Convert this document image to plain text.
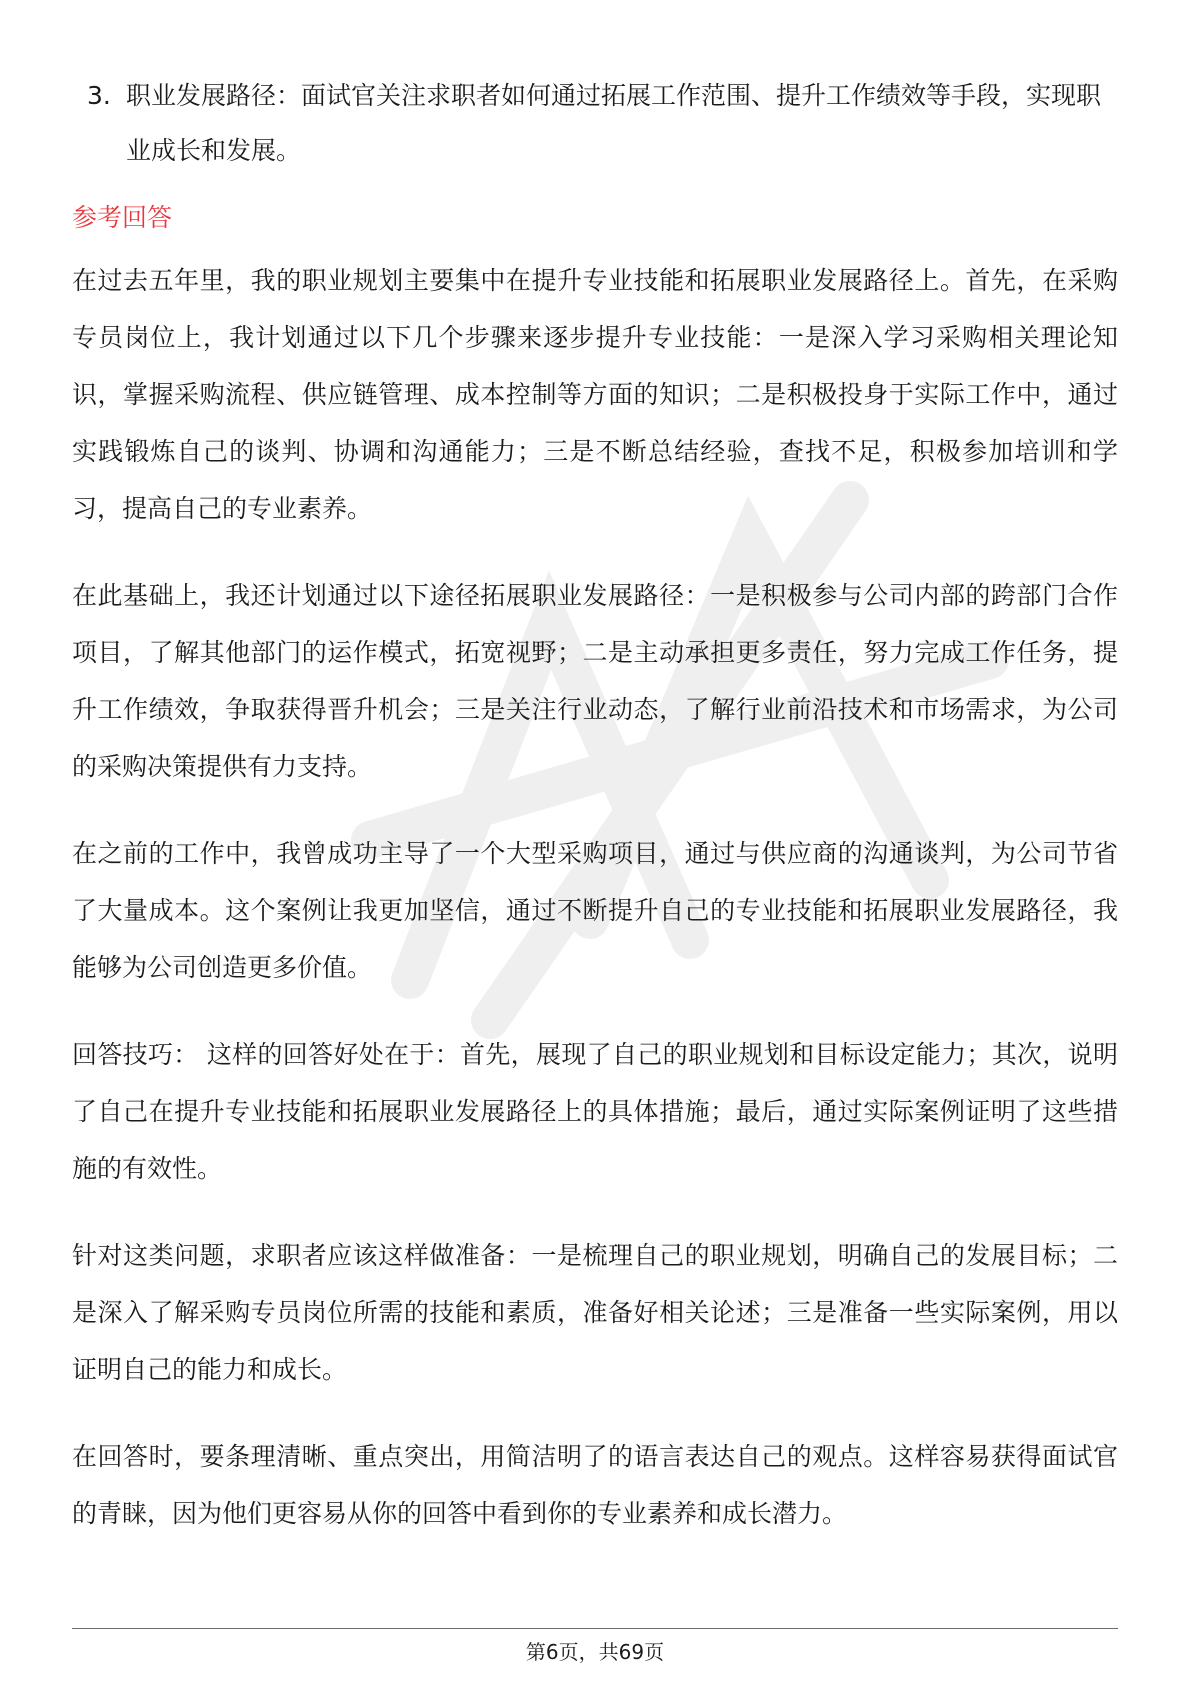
3. 职业发展路径：面试官关注求职者如何通过拓展工作范围、提升工作绩效等手段，实现职业成长和发展。

参考回答

在过去五年里，我的职业规划主要集中在提升专业技能和拓展职业发展路径上。首先，在采购专员岗位上，我计划通过以下几个步骤来逐步提升专业技能：一是深入学习采购相关理论知识，掌握采购流程、供应链管理、成本控制等方面的知识；二是积极投身于实际工作中，通过实践锻炼自己的谈判、协调和沟通能力；三是不断总结经验，查找不足，积极参加培训和学习，提高自己的专业素养。

在此基础上，我还计划通过以下途径拓展职业发展路径：一是积极参与公司内部的跨部门合作项目，了解其他部门的运作模式，拓宽视野；二是主动承担更多责任，努力完成工作任务，提升工作绩效，争取获得晋升机会；三是关注行业动态，了解行业前沿技术和市场需求，为公司的采购决策提供有力支持。

在之前的工作中，我曾成功主导了一个大型采购项目，通过与供应商的沟通谈判，为公司节省了大量成本。这个案例让我更加坚信，通过不断提升自己的专业技能和拓展职业发展路径，我能够为公司创造更多价值。

回答技巧： 这样的回答好处在于：首先，展现了自己的职业规划和目标设定能力；其次，说明了自己在提升专业技能和拓展职业发展路径上的具体措施；最后，通过实际案例证明了这些措施的有效性。

针对这类问题，求职者应该这样做准备：一是梳理自己的职业规划，明确自己的发展目标；二是深入了解采购专员岗位所需的技能和素质，准备好相关论述；三是准备一些实际案例，用以证明自己的能力和成长。

在回答时，要条理清晰、重点突出，用简洁明了的语言表达自己的观点。这样容易获得面试官的青睐，因为他们更容易从你的回答中看到你的专业素养和成长潜力。

第6页，共69页
